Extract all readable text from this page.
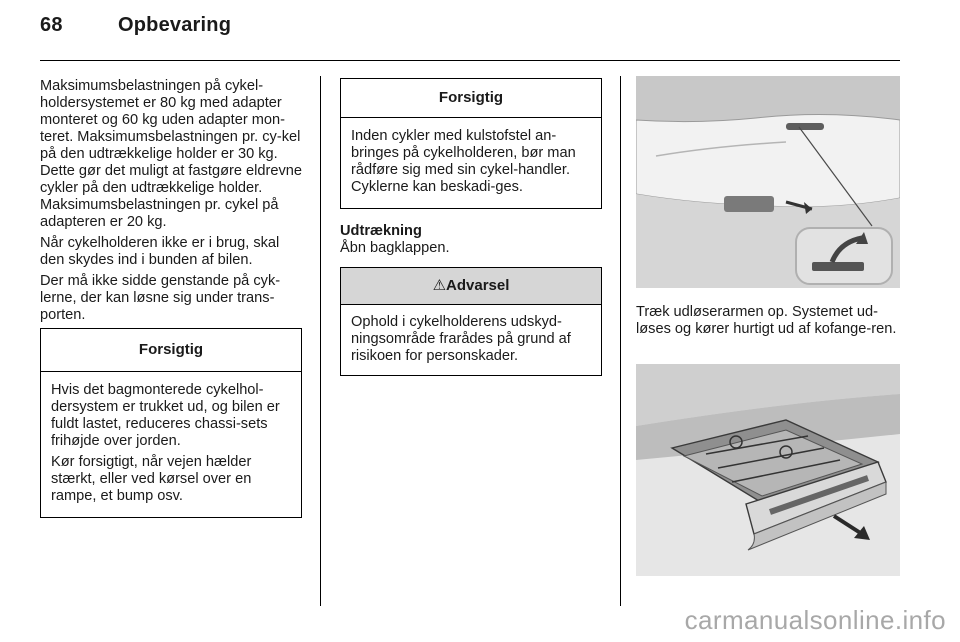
68	Opbevaring

Maksimumsbelastningen på cykel-holdersystemet er 80 kg med adapter monteret og 60 kg uden adapter mon-teret. Maksimumsbelastningen pr. cy-kel på den udtrækkelige holder er 30 kg. Dette gør det muligt at fastgøre eldrevne cykler på den udtrækkelige holder. Maksimumsbelastningen pr. cykel på adapteren er 20 kg.

Når cykelholderen ikke er i brug, skal den skydes ind i bunden af bilen.

Der må ikke sidde genstande på cyk-lerne, der kan løsne sig under trans-porten.

Forsigtig

Hvis det bagmonterede cykelhol-dersystem er trukket ud, og bilen er fuldt lastet, reduceres chassi-sets frihøjde over jorden.

Kør forsigtigt, når vejen hælder stærkt, eller ved kørsel over en rampe, et bump osv.

Forsigtig

Inden cykler med kulstofstel an-bringes på cykelholderen, bør man rådføre sig med sin cykel-handler. Cyklerne kan beskadi-ges.

Udtrækning

Åbn bagklappen.

⚠Advarsel

Ophold i cykelholderens udskyd-ningsområde frarådes på grund af risikoen for personskader.

Træk udløserarmen op. Systemet ud-løses og kører hurtigt ud af kofange-ren.
carmanualsonline.info
